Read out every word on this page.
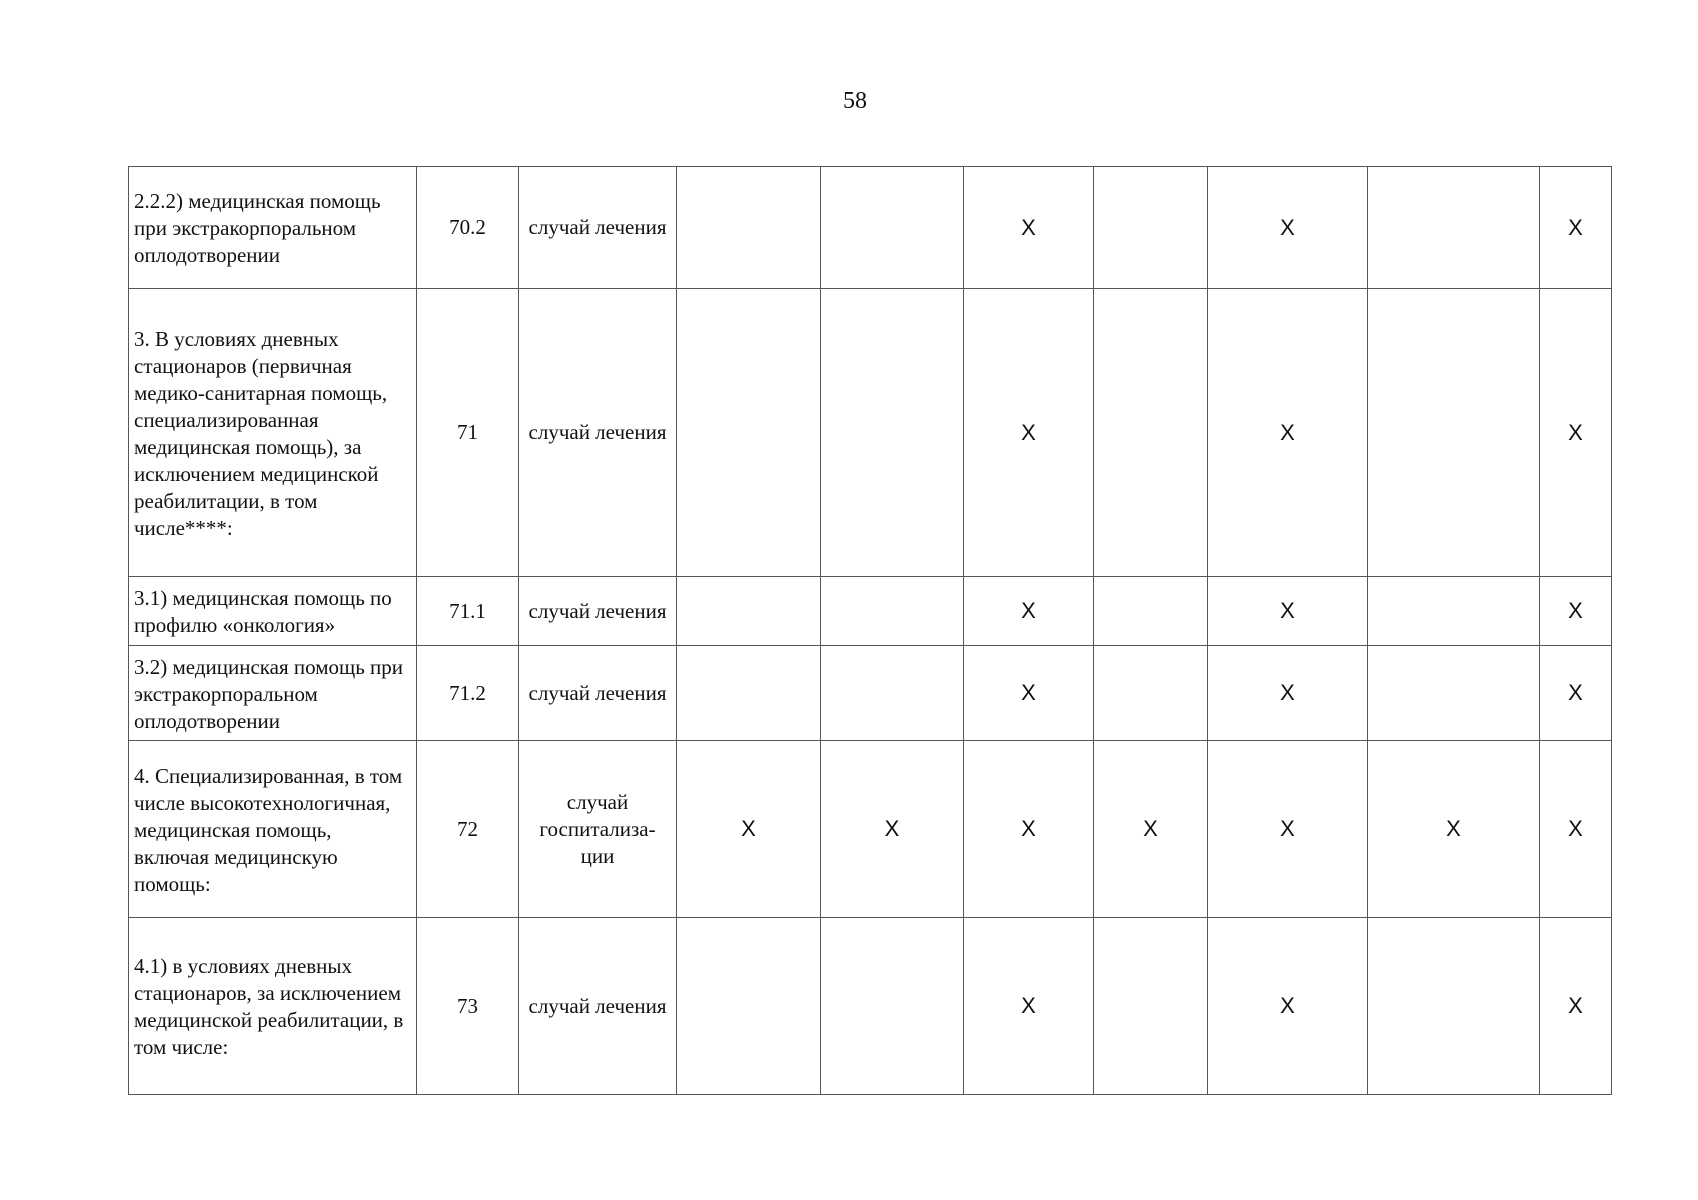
58
2.2.2) медицинская помощь при экстракорпоральном оплодотворении	70.2	случай лечения			X		X		X
3. В условиях дневных стационаров (первичная медико-санитарная помощь, специализированная медицинская помощь), за исключением медицинской реабилитации, в том числе****:	71	случай лечения			X		X		X
3.1) медицинская помощь по профилю «онкология»	71.1	случай лечения			X		X		X
3.2) медицинская помощь при экстракорпоральном оплодотворении	71.2	случай лечения			X		X		X
4. Специализированная, в том числе высокотехнологичная, медицинская помощь, включая медицинскую помощь:	72	случай госпитализа-ции	X	X	X	X	X	X	X
4.1) в условиях дневных стационаров, за исключением медицинской реабилитации, в том числе:	73	случай лечения			X		X		X
